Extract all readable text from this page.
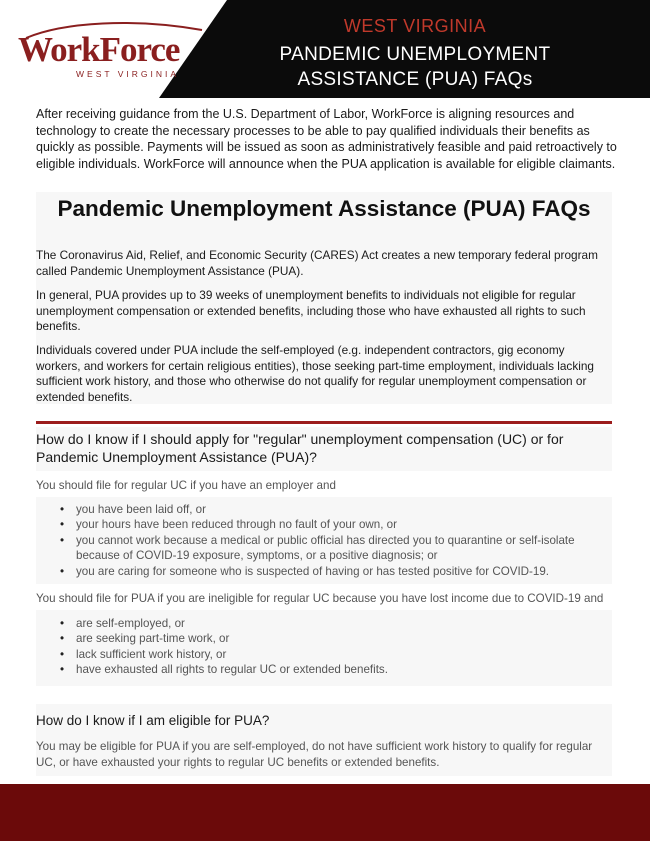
WorkForce
WEST VIRGINIA
WEST VIRGINIA
PANDEMIC UNEMPLOYMENT
ASSISTANCE (PUA) FAQs

After receiving guidance from the U.S. Department of Labor, WorkForce is aligning resources and technology to create the necessary processes to be able to pay qualified individuals their benefits as quickly as possible. Payments will be issued as soon as administratively feasible and paid retroactively to eligible individuals. WorkForce will announce when the PUA application is available for eligible claimants.

Pandemic Unemployment Assistance (PUA) FAQs

The Coronavirus Aid, Relief, and Economic Security (CARES) Act creates a new temporary federal program called Pandemic Unemployment Assistance (PUA).

In general, PUA provides up to 39 weeks of unemployment benefits to individuals not eligible for regular unemployment compensation or extended benefits, including those who have exhausted all rights to such benefits.

Individuals covered under PUA include the self-employed (e.g. independent contractors, gig economy workers, and workers for certain religious entities), those seeking part-time employment, individuals lacking sufficient work history, and those who otherwise do not qualify for regular unemployment compensation or extended benefits.

How do I know if I should apply for "regular" unemployment compensation (UC) or for Pandemic Unemployment Assistance (PUA)?

You should file for regular UC if you have an employer and

• you have been laid off, or
• your hours have been reduced through no fault of your own, or
• you cannot work because a medical or public official has directed you to quarantine or self-isolate because of COVID-19 exposure, symptoms, or a positive diagnosis; or
• you are caring for someone who is suspected of having or has tested positive for COVID-19.

You should file for PUA if you are ineligible for regular UC because you have lost income due to COVID-19 and

• are self-employed, or
• are seeking part-time work, or
• lack sufficient work history, or
• have exhausted all rights to regular UC or extended benefits.

How do I know if I am eligible for PUA?

You may be eligible for PUA if you are self-employed, do not have sufficient work history to qualify for regular UC, or have exhausted your rights to regular UC benefits or extended benefits.
